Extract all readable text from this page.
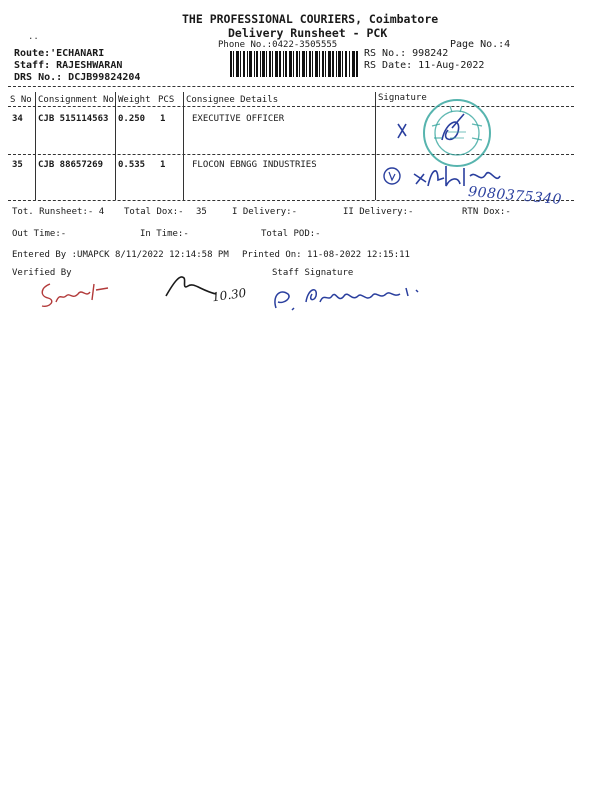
..
THE PROFESSIONAL COURIERS, Coimbatore
Delivery Runsheet - PCK
Phone No.:0422-3505555	Page No.:4
Route:'ECHANARI
Staff: RAJESHWARAN
DRS No.: DCJB99824204
RS No.: 998242
RS Date: 11-Aug-2022
S No Consignment No Weight PCS Consignee Details	Signature
34 CJB 515114563 0.250 1	EXECUTIVE OFFICER
35 CJB 88657269 0.535 1	FLOCON EBNGG INDUSTRIES
9080375340
Tot. Runsheet:- 4 Total Dox:- 35	I Delivery:-	II Delivery:-	RTN Dox:-
Out Time:-	In Time:-	Total POD:-
Entered By :UMAPCK 8/11/2022 12:14:58 PM Printed On: 11-08-2022 12:15:11
Verified By	Staff Signature
10.30
